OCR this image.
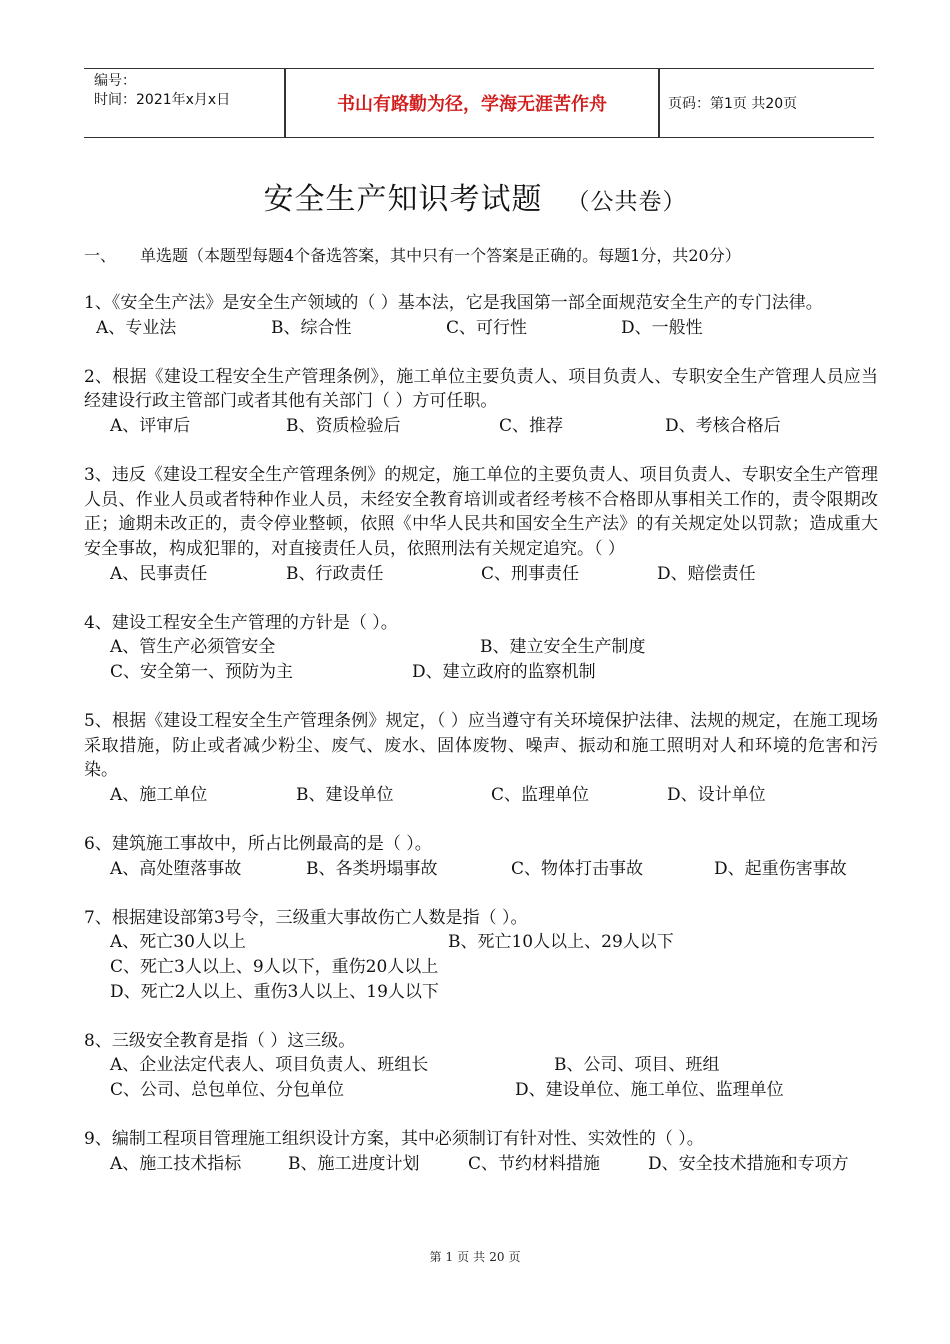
编号：
时间：2021年x月x日	书山有路勤为径，学海无涯苦作舟	页码：第1页 共20页
安全生产知识考试题 （公共卷）
一、 单选题（本题型每题4个备选答案，其中只有一个答案是正确的。每题1分，共20分）
1、《安全生产法》是安全生产领域的（ ）基本法，它是我国第一部全面规范安全生产的专门法律。
A、专业法	B、综合性	C、可行性	D、一般性
2、根据《建设工程安全生产管理条例》，施工单位主要负责人、项目负责人、专职安全生产管理人员应当经建设行政主管部门或者其他有关部门（ ）方可任职。
A、评审后	B、资质检验后	C、推荐	D、考核合格后
3、违反《建设工程安全生产管理条例》的规定，施工单位的主要负责人、项目负责人、专职安全生产管理人员、作业人员或者特种作业人员，未经安全教育培训或者经考核不合格即从事相关工作的，责令限期改正；逾期未改正的，责令停业整顿，依照《中华人民共和国安全生产法》的有关规定处以罚款；造成重大安全事故，构成犯罪的，对直接责任人员，依照刑法有关规定追究。（ ）
A、民事责任	B、行政责任	C、刑事责任	D、赔偿责任
4、建设工程安全生产管理的方针是（ ）。
A、管生产必须管安全	B、建立安全生产制度
C、安全第一、预防为主	D、建立政府的监察机制
5、根据《建设工程安全生产管理条例》规定，（ ）应当遵守有关环境保护法律、法规的规定，在施工现场采取措施，防止或者减少粉尘、废气、废水、固体废物、噪声、振动和施工照明对人和环境的危害和污染。
A、施工单位	B、建设单位	C、监理单位	D、设计单位
6、建筑施工事故中，所占比例最高的是（ ）。
A、高处堕落事故	B、各类坍塌事故	C、物体打击事故	D、起重伤害事故
7、根据建设部第3号令，三级重大事故伤亡人数是指（ ）。
A、死亡30人以上	B、死亡10人以上、29人以下
C、死亡3人以上、9人以下，重伤20人以上
D、死亡2人以上、重伤3人以上、19人以下
8、三级安全教育是指（ ）这三级。
A、企业法定代表人、项目负责人、班组长	B、公司、项目、班组
C、公司、总包单位、分包单位	D、建设单位、施工单位、监理单位
9、编制工程项目管理施工组织设计方案，其中必须制订有针对性、实效性的（ ）。
A、施工技术指标	B、施工进度计划	C、节约材料措施	D、安全技术措施和专项方
第 1 页 共 20 页
